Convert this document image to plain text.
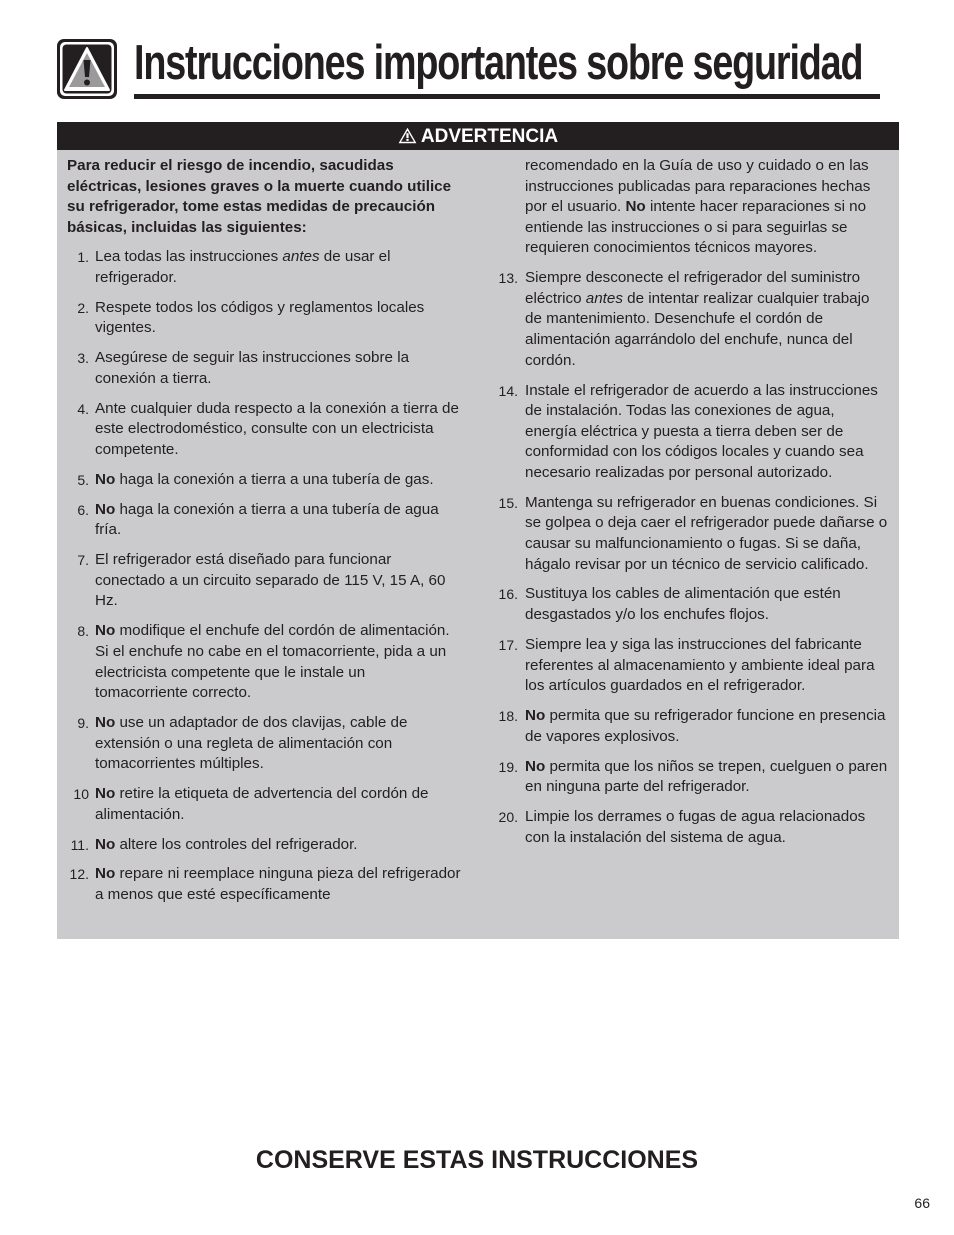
Instrucciones importantes sobre seguridad
ADVERTENCIA

Para reducir el riesgo de incendio, sacudidas eléctricas, lesiones graves o la muerte cuando utilice su refrigerador, tome estas medidas de precaución básicas, incluidas las siguientes:

1. Lea todas las instrucciones antes de usar el refrigerador.
2. Respete todos los códigos y reglamentos locales vigentes.
3. Asegúrese de seguir las instrucciones sobre la conexión a tierra.
4. Ante cualquier duda respecto a la conexión a tierra de este electrodoméstico, consulte con un electricista competente.
5. No haga la conexión a tierra a una tubería de gas.
6. No haga la conexión a tierra a una tubería de agua fría.
7. El refrigerador está diseñado para funcionar conectado a un circuito separado de 115 V, 15 A, 60 Hz.
8. No modifique el enchufe del cordón de alimentación. Si el enchufe no cabe en el tomacorriente, pida a un electricista competente que le instale un tomacorriente correcto.
9. No use un adaptador de dos clavijas, cable de extensión o una regleta de alimentación con tomacorrientes múltiples.
10 No retire la etiqueta de advertencia del cordón de alimentación.
11. No altere los controles del refrigerador.
12. No repare ni reemplace ninguna pieza del refrigerador a menos que esté específicamente
recomendado en la Guía de uso y cuidado o en las instrucciones publicadas para reparaciones hechas por el usuario. No intente hacer reparaciones si no entiende las instrucciones o si para seguirlas se requieren conocimientos técnicos mayores.
13. Siempre desconecte el refrigerador del suministro eléctrico antes de intentar realizar cualquier trabajo de mantenimiento. Desenchufe el cordón de alimentación agarrándolo del enchufe, nunca del cordón.
14. Instale el refrigerador de acuerdo a las instrucciones de instalación. Todas las conexiones de agua, energía eléctrica y puesta a tierra deben ser de conformidad con los códigos locales y cuando sea necesario realizadas por personal autorizado.
15. Mantenga su refrigerador en buenas condiciones. Si se golpea o deja caer el refrigerador puede dañarse o causar su malfuncionamiento o fugas. Si se daña, hágalo revisar por un técnico de servicio calificado.
16. Sustituya los cables de alimentación que estén desgastados y/o los enchufes flojos.
17. Siempre lea y siga las instrucciones del fabricante referentes al almacenamiento y ambiente ideal para los artículos guardados en el refrigerador.
18. No permita que su refrigerador funcione en presencia de vapores explosivos.
19. No permita que los niños se trepen, cuelguen o paren en ninguna parte del refrigerador.
20. Limpie los derrames o fugas de agua relacionados con la instalación del sistema de agua.
CONSERVE ESTAS INSTRUCCIONES
66
